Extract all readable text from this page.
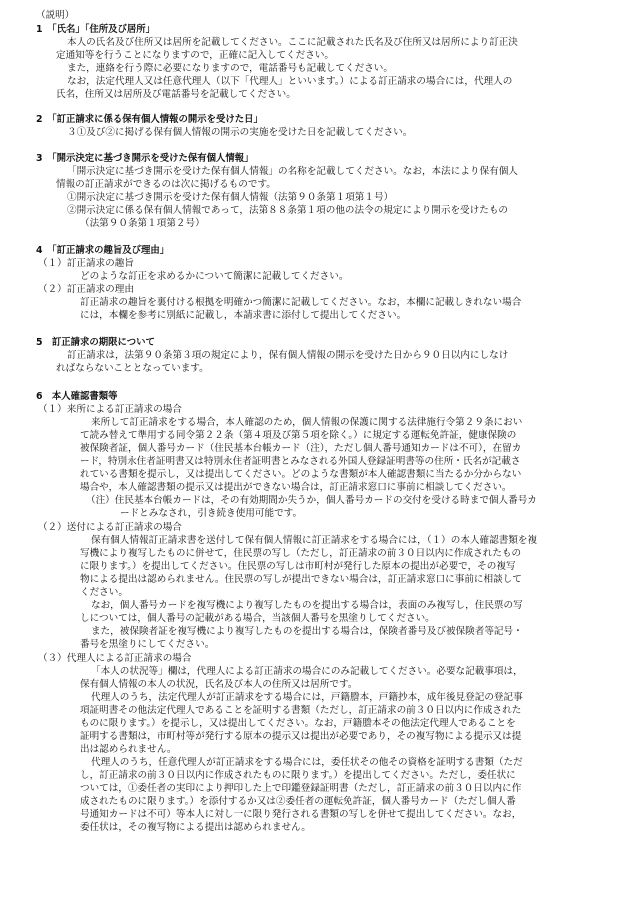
（説明）
1　「氏名」「住所及び居所」
本人の氏名及び住所又は居所を記載してください。ここに記載された氏名及び住所又は居所により訂正決
定通知等を行うことになりますので，正確に記入してください。
また，連絡を行う際に必要になりますので，電話番号も記載してください。
なお，法定代理人又は任意代理人（以下「代理人」といいます。）による訂正請求の場合には，代理人の
氏名，住所又は居所及び電話番号を記載してください。
2　「訂正請求に係る保有個人情報の開示を受けた日」
３①及び②に掲げる保有個人情報の開示の実施を受けた日を記載してください。
3　「開示決定に基づき開示を受けた保有個人情報」
「開示決定に基づき開示を受けた保有個人情報」の名称を記載してください。なお，本法により保有個人
情報の訂正請求ができるのは次に掲げるものです。
①開示決定に基づき開示を受けた保有個人情報（法第９０条第１項第１号）
②開示決定に係る保有個人情報であって，法第８８条第１項の他の法令の規定により開示を受けたもの
（法第９０条第１項第２号）
4　「訂正請求の趣旨及び理由」
（１）訂正請求の趣旨
どのような訂正を求めるかについて簡潔に記載してください。
（２）訂正請求の理由
訂正請求の趣旨を裏付ける根拠を明確かつ簡潔に記載してください。なお，本欄に記載しきれない場合
には，本欄を参考に別紙に記載し，本請求書に添付して提出してください。
5　訂正請求の期限について
訂正請求は，法第９０条第３項の規定により，保有個人情報の開示を受けた日から９０日以内にしなけ
ればならないこととなっています。
6　本人確認書類等
（１）来所による訂正請求の場合
来所して訂正請求をする場合，本人確認のため，個人情報の保護に関する法律施行令第２９条におい
て読み替えて準用する同令第２２条（第４項及び第５項を除く。）に規定する運転免許証，健康保険の
被保険者証，個人番号カード（住民基本台帳カード（注），ただし個人番号通知カードは不可），在留カ
ード，特別永住者証明書又は特別永住者証明書とみなされる外国人登録証明書等の住所・氏名が記載さ
れている書類を提示し，又は提出してください。どのような書類が本人確認書類に当たるか分からない
場合や，本人確認書類の提示又は提出ができない場合は，訂正請求窓口に事前に相談してください。
（注）住民基本台帳カードは，その有効期間か失うか，個人番号カードの交付を受ける時まで個人番号カ
ードとみなされ，引き続き使用可能です。
（２）送付による訂正請求の場合
保有個人情報訂正請求書を送付して保有個人情報に訂正請求をする場合には，（１）の本人確認書類を複
写機により複写したものに併せて，住民票の写し（ただし，訂正請求の前３０日以内に作成されたもの
に限ります。）を提出してください。住民票の写しは市町村が発行した原本の提出が必要で，その複写
物による提出は認められません。住民票の写しが提出できない場合は，訂正請求窓口に事前に相談して
ください。
なお，個人番号カードを複写機により複写したものを提出する場合は，表面のみ複写し，住民票の写
しについては，個人番号の記載がある場合，当該個人番号を黒塗りしてください。
また，被保険者証を複写機により複写したものを提出する場合は，保険者番号及び被保険者等記号・
番号を黒塗りにしてください。
（３）代理人による訂正請求の場合
「本人の状況等」欄は，代理人による訂正請求の場合にのみ記載してください。必要な記載事項は，
保有個人情報の本人の状況，氏名及び本人の住所又は居所です。
代理人のうち，法定代理人が訂正請求をする場合には，戸籍謄本，戸籍抄本，成年後見登記の登記事
項証明書その他法定代理人であることを証明する書類（ただし，訂正請求の前３０日以内に作成された
ものに限ります。）を提示し，又は提出してください。なお，戸籍謄本その他法定代理人であることを
証明する書類は，市町村等が発行する原本の提示又は提出が必要であり，その複写物による提示又は提
出は認められません。
代理人のうち，任意代理人が訂正請求をする場合には，委任状その他その資格を証明する書類（ただ
し，訂正請求の前３０日以内に作成されたものに限ります。）を提出してください。ただし，委任状に
ついては，①委任者の実印により押印した上で印鑑登録証明書（ただし，訂正請求の前３０日以内に作
成されたものに限ります。）を添付するか又は②委任者の運転免許証，個人番号カード（ただし個人番
号通知カードは不可）等本人に対し一に限り発行される書類の写しを併せて提出してください。なお，
委任状は，その複写物による提出は認められません。
